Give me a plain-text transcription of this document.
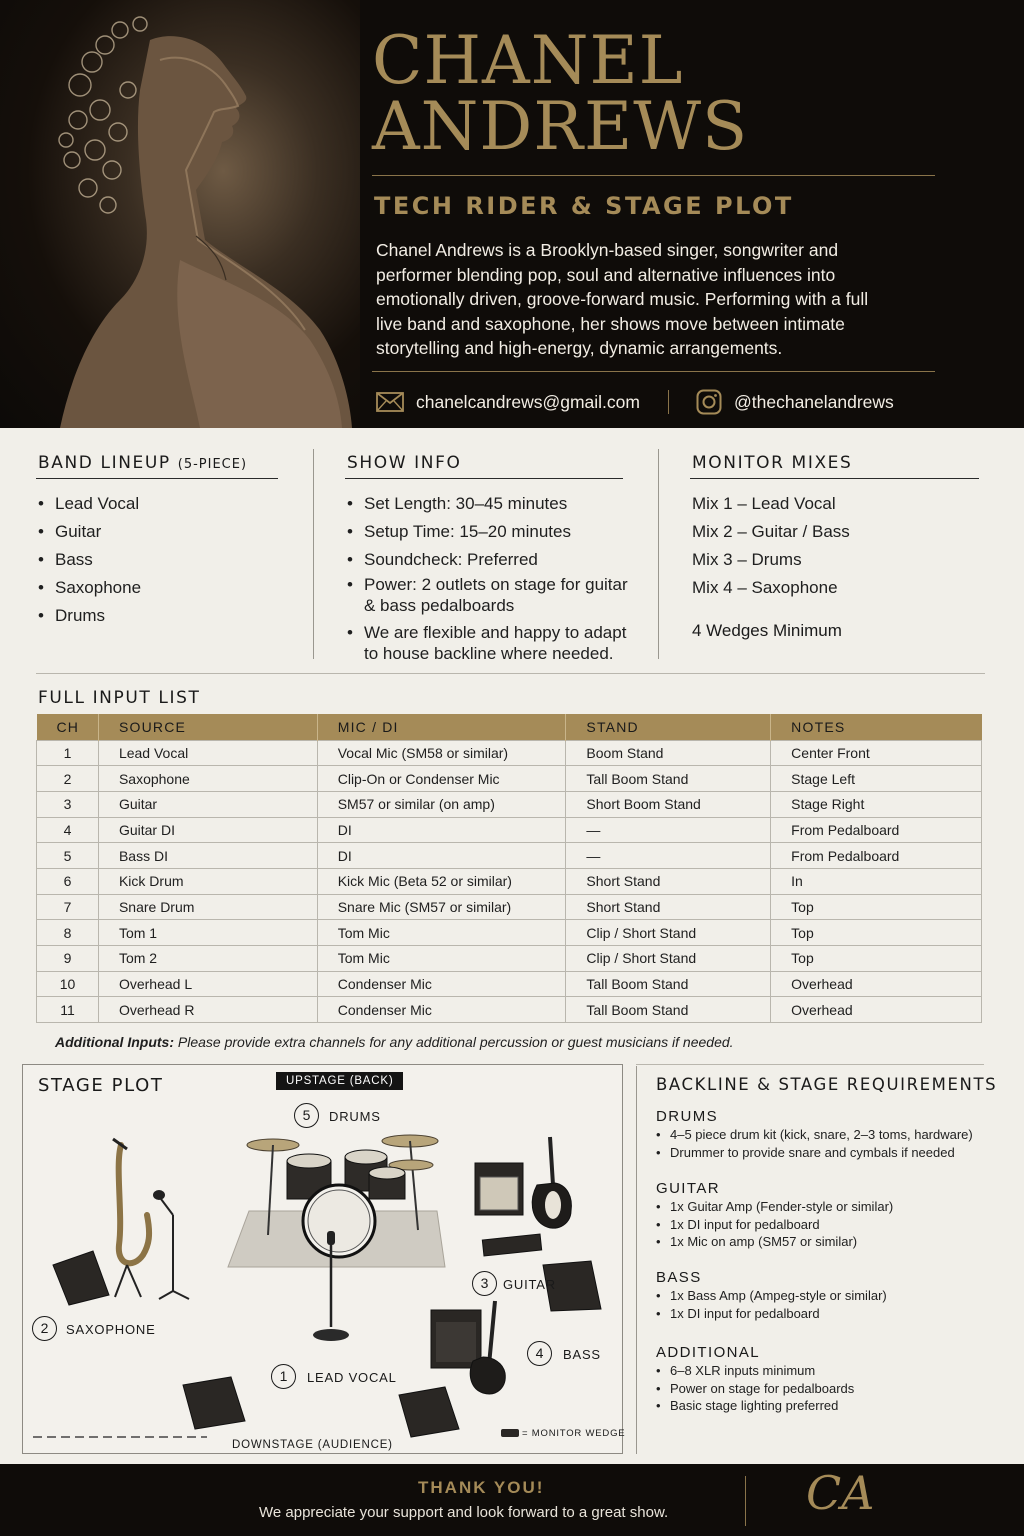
CHANEL
ANDREWS
TECH RIDER & STAGE PLOT
Chanel Andrews is a Brooklyn-based singer, songwriter and performer blending pop, soul and alternative influences into emotionally driven, groove-forward music. Performing with a full live band and saxophone, her shows move between intimate storytelling and high-energy, dynamic arrangements.
chanelcandrews@gmail.com	@thechanelandrews
BAND LINEUP (5-PIECE)
• Lead Vocal
• Guitar
• Bass
• Saxophone
• Drums
SHOW INFO
• Set Length: 30–45 minutes
• Setup Time: 15–20 minutes
• Soundcheck: Preferred
• Power: 2 outlets on stage for guitar & bass pedalboards
• We are flexible and happy to adapt to house backline where needed.
MONITOR MIXES
Mix 1 – Lead Vocal
Mix 2 – Guitar / Bass
Mix 3 – Drums
Mix 4 – Saxophone
4 Wedges Minimum
FULL INPUT LIST
CH	SOURCE	MIC / DI	STAND	NOTES
1	Lead Vocal	Vocal Mic (SM58 or similar)	Boom Stand	Center Front
2	Saxophone	Clip-On or Condenser Mic	Tall Boom Stand	Stage Left
3	Guitar	SM57 or similar (on amp)	Short Boom Stand	Stage Right
4	Guitar DI	DI	—	From Pedalboard
5	Bass DI	DI	—	From Pedalboard
6	Kick Drum	Kick Mic (Beta 52 or similar)	Short Stand	In
7	Snare Drum	Snare Mic (SM57 or similar)	Short Stand	Top
8	Tom 1	Tom Mic	Clip / Short Stand	Top
9	Tom 2	Tom Mic	Clip / Short Stand	Top
10	Overhead L	Condenser Mic	Tall Boom Stand	Overhead
11	Overhead R	Condenser Mic	Tall Boom Stand	Overhead
Additional Inputs: Please provide extra channels for any additional percussion or guest musicians if needed.
STAGE PLOT	UPSTAGE (BACK)
5	DRUMS
2	SAXOPHONE
3	GUITAR
4	BASS
1	LEAD VOCAL
DOWNSTAGE (AUDIENCE)
= MONITOR WEDGE
BACKLINE & STAGE REQUIREMENTS
DRUMS
• 4–5 piece drum kit (kick, snare, 2–3 toms, hardware)
• Drummer to provide snare and cymbals if needed
GUITAR
• 1x Guitar Amp (Fender-style or similar)
• 1x DI input for pedalboard
• 1x Mic on amp (SM57 or similar)
BASS
• 1x Bass Amp (Ampeg-style or similar)
• 1x DI input for pedalboard
ADDITIONAL
• 6–8 XLR inputs minimum
• Power on stage for pedalboards
• Basic stage lighting preferred
THANK YOU!
We appreciate your support and look forward to a great show.	CA
